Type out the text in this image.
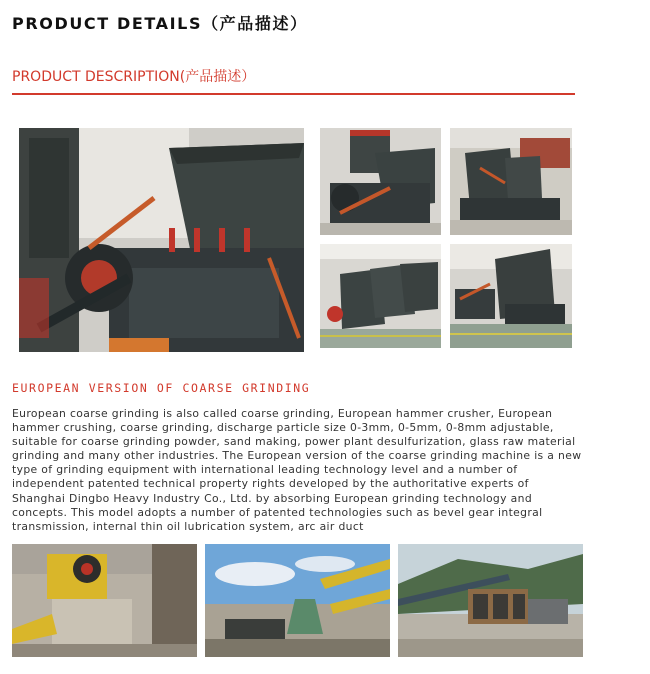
PRODUCT DETAILS（产品描述）
PRODUCT DESCRIPTION(产品描述）
EUROPEAN VERSION OF COARSE GRINDING

European coarse grinding is also called coarse grinding, European hammer crusher, European hammer crushing, coarse grinding, discharge particle size 0-3mm, 0-5mm, 0-8mm adjustable, suitable for coarse grinding powder, sand making, power plant desulfurization, glass raw material grinding and many other industries. The European version of the coarse grinding machine is a new type of grinding equipment with international leading technology level and a number of independent patented technical property rights developed by the authoritative experts of Shanghai Dingbo Heavy Industry Co., Ltd. by absorbing European grinding technology and concepts. This model adopts a number of patented technologies such as bevel gear integral transmission, internal thin oil lubrication system, arc air duct
